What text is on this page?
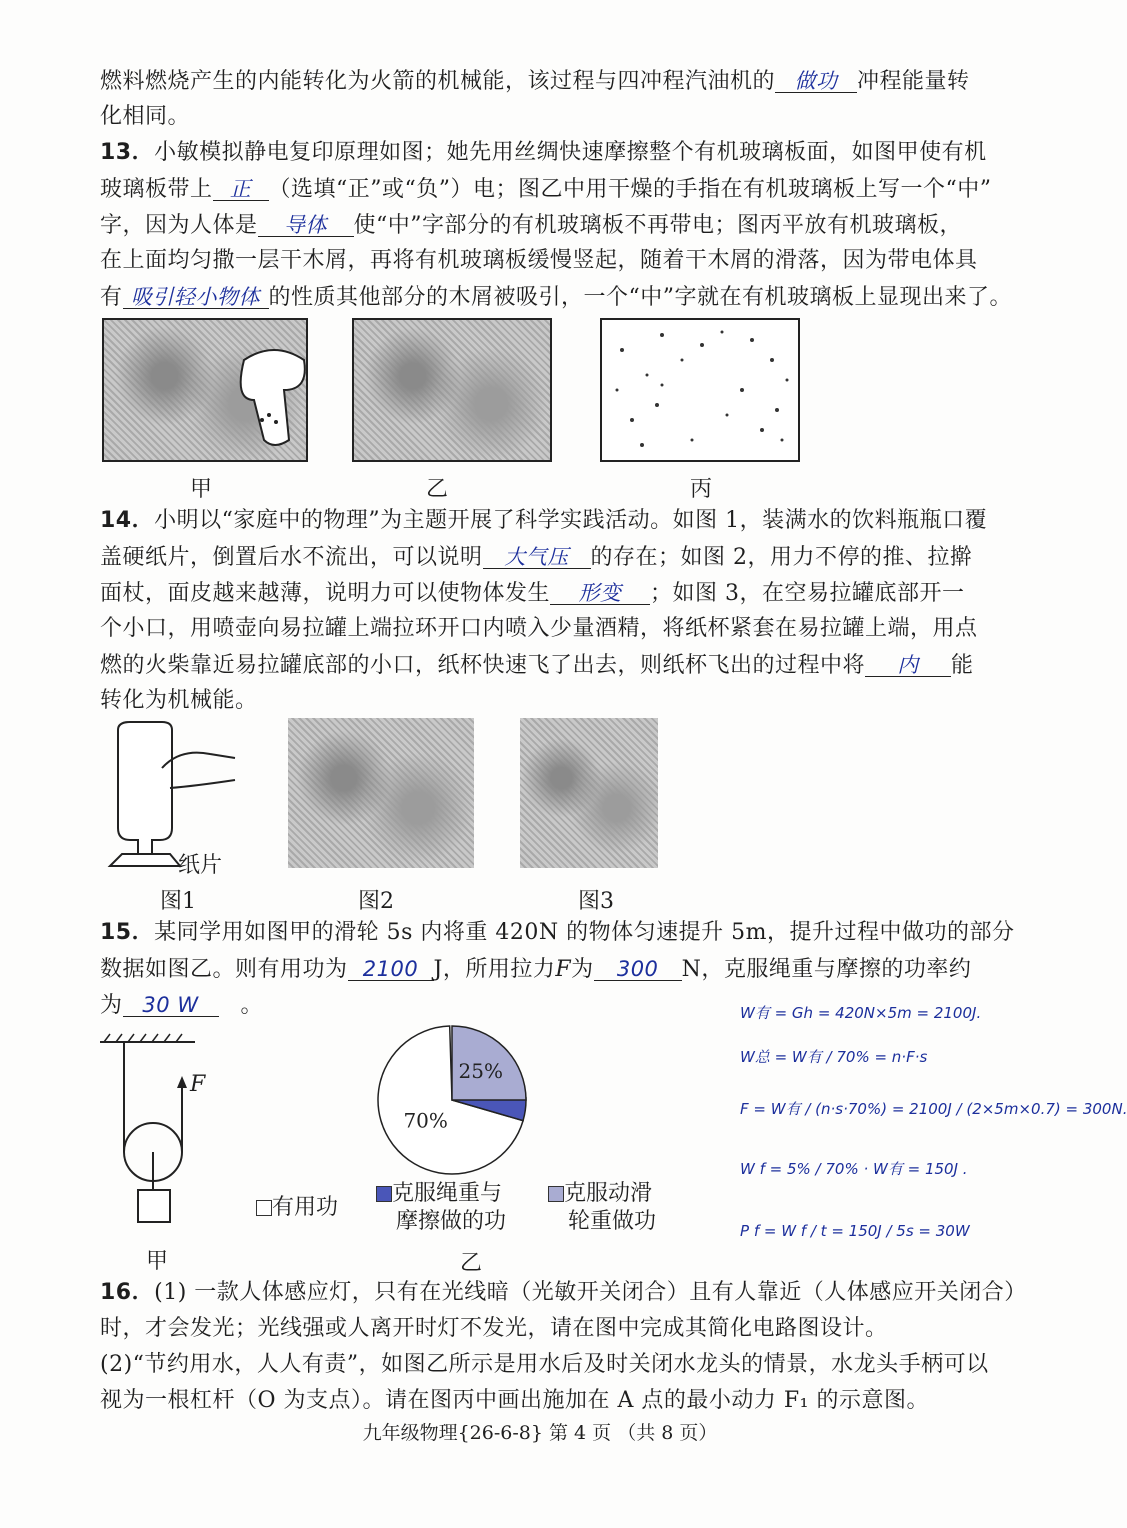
燃料燃烧产生的内能转化为火箭的机械能，该过程与四冲程汽油机的 做功 冲程能量转
化相同。
13．小敏模拟静电复印原理如图；她先用丝绸快速摩擦整个有机玻璃板面，如图甲使有机
玻璃板带上 正 （选填“正”或“负”）电；图乙中用干燥的手指在有机玻璃板上写一个“中”
字，因为人体是 导体 使“中”字部分的有机玻璃板不再带电；图丙平放有机玻璃板，
在上面均匀撒一层干木屑，再将有机玻璃板缓慢竖起，随着干木屑的滑落，因为带电体具
有 吸引轻小物体 的性质其他部分的木屑被吸引，一个“中”字就在有机玻璃板上显现出来了。
甲	乙	丙
14．小明以“家庭中的物理”为主题开展了科学实践活动。如图 1，装满水的饮料瓶瓶口覆
盖硬纸片，倒置后水不流出，可以说明 大气压 的存在；如图 2，用力不停的推、拉擀
面杖，面皮越来越薄，说明力可以使物体发生 形变 ；如图 3，在空易拉罐底部开一
个小口，用喷壶向易拉罐上端拉环开口内喷入少量酒精，将纸杯紧套在易拉罐上端，用点
燃的火柴靠近易拉罐底部的小口，纸杯快速飞了出去，则纸杯飞出的过程中将 内 能
转化为机械能。
纸片
图1	图2	图3
15．某同学用如图甲的滑轮 5s 内将重 420N 的物体匀速提升 5m，提升过程中做功的部分
数据如图乙。则有用功为 2100 J，所用拉力F为 300 N，克服绳重与摩擦的功率约
为 30 W 。
F
甲
70%
25%
乙
有用功
克服绳重与
摩擦做的功
克服动滑
轮重做功
W有 = Gh = 420N×5m = 2100J.
W总 = W有 / 70% = n·F·s
F = W有 / (n·s·70%) = 2100J / (2×5m×0.7) = 300N.
W f = 5% / 70% · W有 = 150J .
P f = W f / t = 150J / 5s = 30W
16．(1) 一款人体感应灯，只有在光线暗（光敏开关闭合）且有人靠近（人体感应开关闭合）
时，才会发光；光线强或人离开时灯不发光，请在图中完成其简化电路图设计。
(2)“节约用水，人人有责”，如图乙所示是用水后及时关闭水龙头的情景，水龙头手柄可以
视为一根杠杆（O 为支点）。请在图丙中画出施加在 A 点的最小动力 F₁ 的示意图。
九年级物理{26-6-8} 第 4 页 （共 8 页）
